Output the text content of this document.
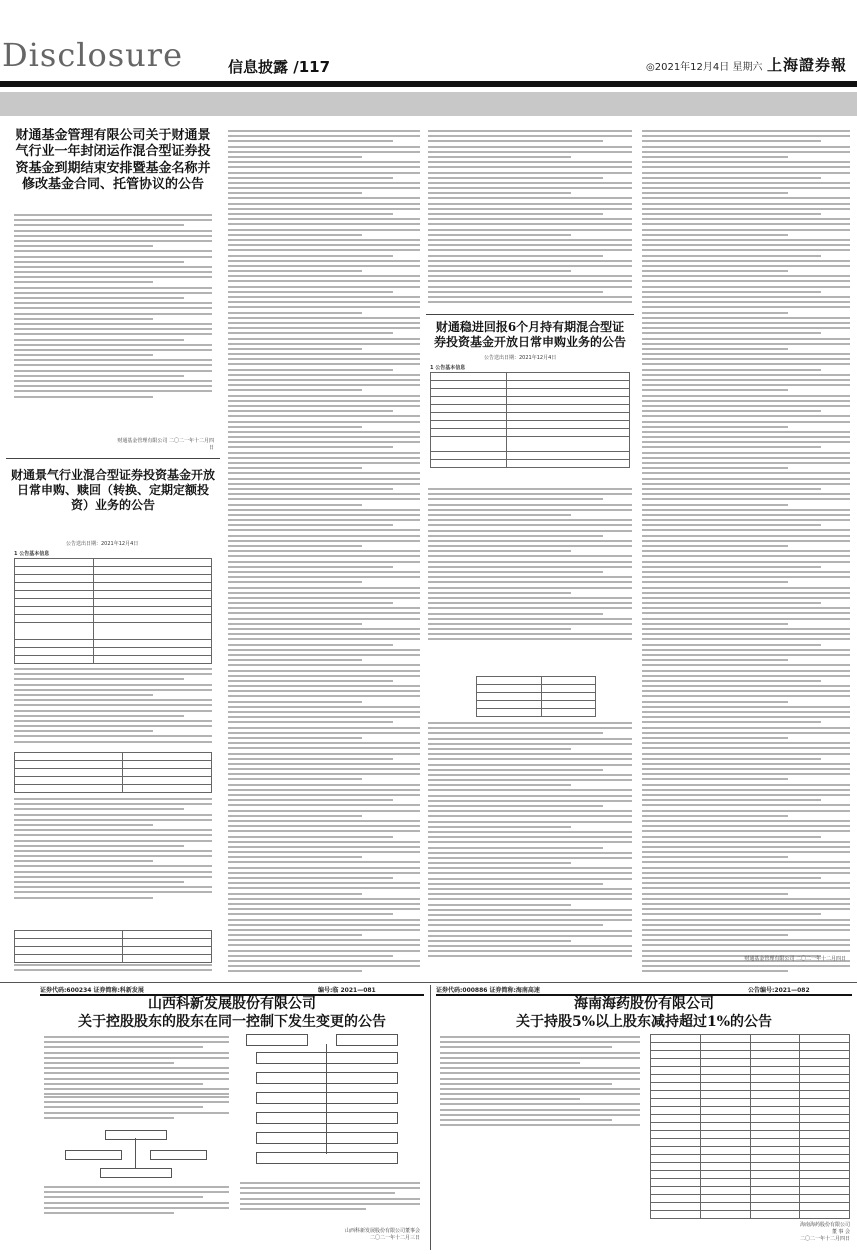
Disclosure	信息披露 /117	◎2021年12月4日 星期六 上海證券報
财通基金管理有限公司关于财通景气行业一年封闭运作混合型证券投资基金到期结束安排暨基金名称并修改基金合同、托管协议的公告
财通基金管理有限公司 二〇二一年十二月四日
财通景气行业混合型证券投资基金开放日常申购、赎回（转换、定期定额投资）业务的公告
公告送出日期：2021年12月4日
1 公告基本信息

财通稳进回报6个月持有期混合型证券投资基金开放日常申购业务的公告
公告送出日期：2021年12月4日
1 公告基本信息

财通基金管理有限公司 二〇二一年十二月四日
证券代码:600234 证券简称:科新发展	编号:临 2021—081
山西科新发展股份有限公司
关于控股股东的股东在同一控制下发生变更的公告
山西科新发展股份有限公司董事会
二〇二一年十二月三日
证券代码:000886 证券简称:海南高速	公告编号:2021—082
海南海药股份有限公司
关于持股5%以上股东减持超过1%的公告

海南海药股份有限公司
董 事 会
二〇二一年十二月四日
